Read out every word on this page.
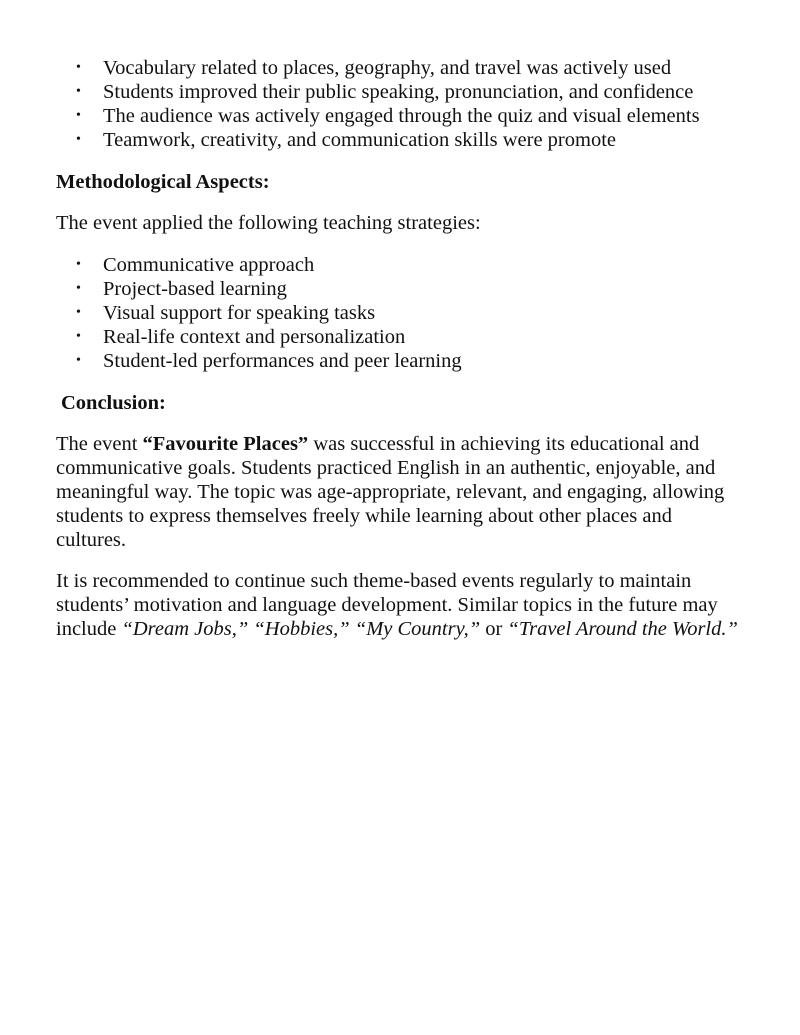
• Vocabulary related to places, geography, and travel was actively used
• Students improved their public speaking, pronunciation, and confidence
• The audience was actively engaged through the quiz and visual elements
• Teamwork, creativity, and communication skills were promote

Methodological Aspects:

The event applied the following teaching strategies:

• Communicative approach
• Project-based learning
• Visual support for speaking tasks
• Real-life context and personalization
• Student-led performances and peer learning

Conclusion:

The event “Favourite Places” was successful in achieving its educational and communicative goals. Students practiced English in an authentic, enjoyable, and meaningful way. The topic was age-appropriate, relevant, and engaging, allowing students to express themselves freely while learning about other places and cultures.

It is recommended to continue such theme-based events regularly to maintain students’ motivation and language development. Similar topics in the future may include “Dream Jobs,” “Hobbies,” “My Country,” or “Travel Around the World.”
